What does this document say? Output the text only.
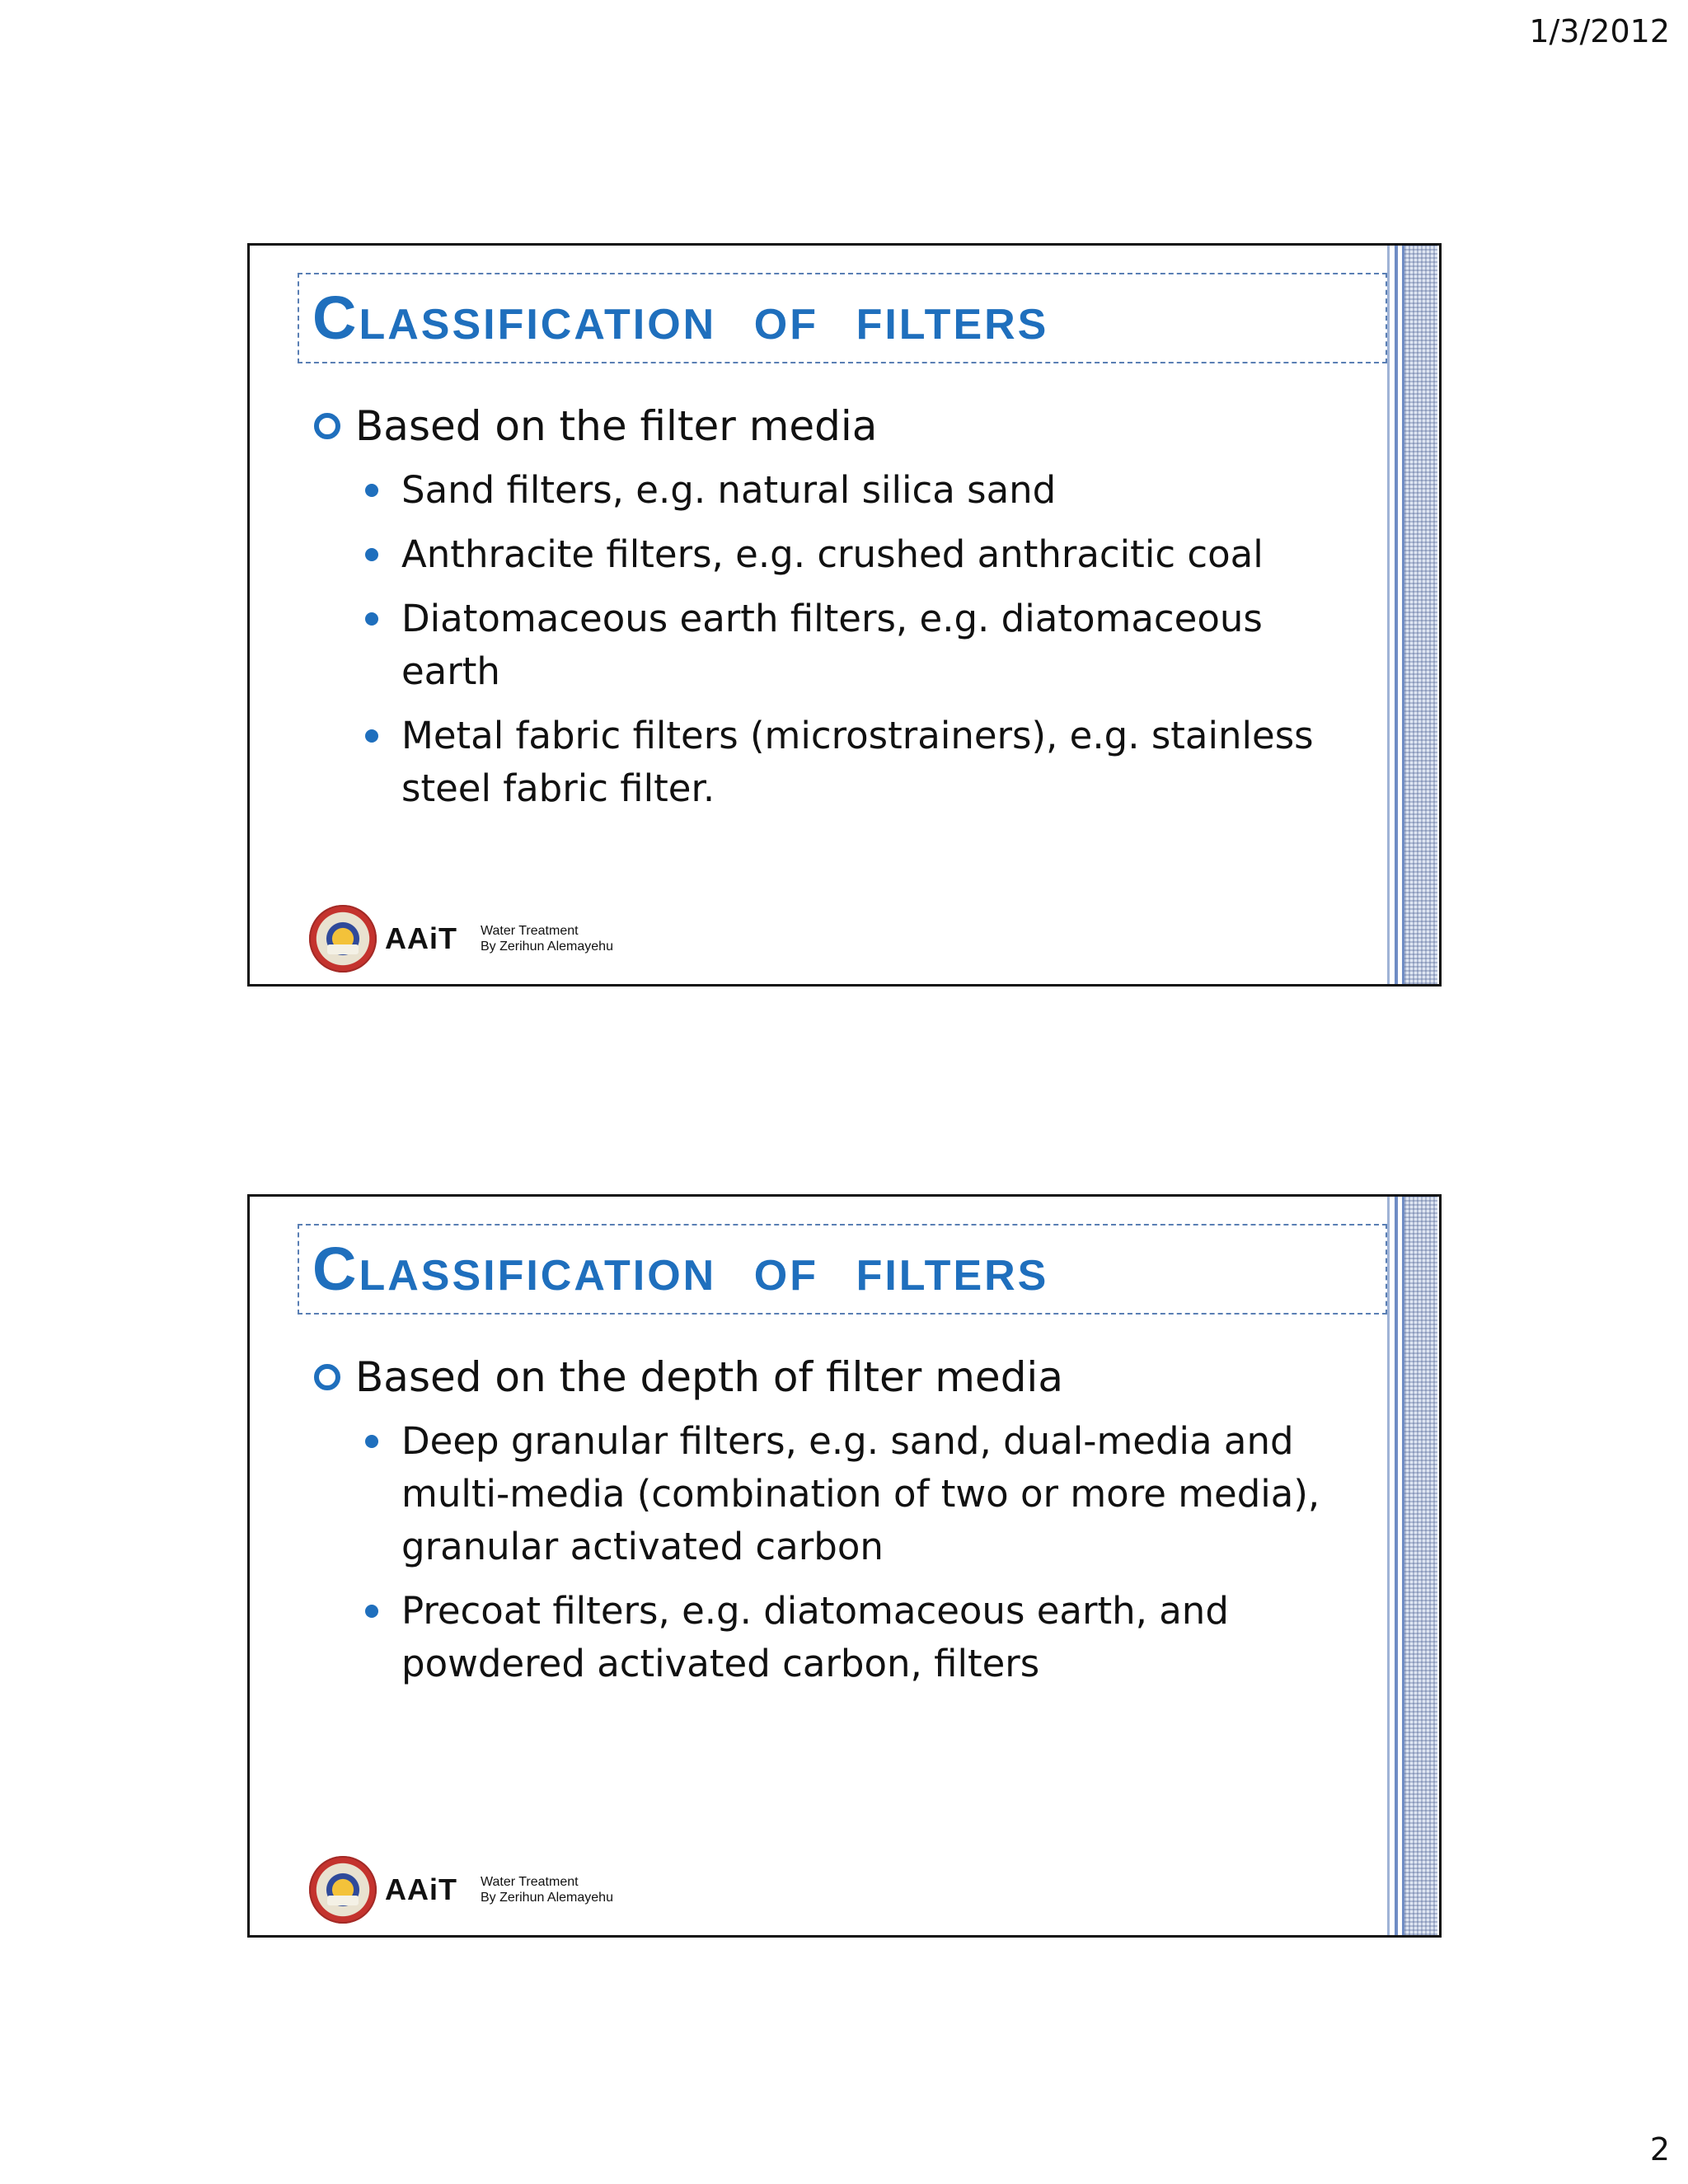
1/3/2012
Classification of filters
Based on the filter media
Sand filters, e.g. natural silica sand
Anthracite filters, e.g. crushed anthracitic coal
Diatomaceous earth filters, e.g. diatomaceous earth
Metal fabric filters (microstrainers), e.g. stainless steel fabric filter.
AAiT Water Treatment
By Zerihun Alemayehu
Classification of filters
Based on the depth of filter media
Deep granular filters, e.g. sand, dual-media and multi-media (combination of two or more media), granular activated carbon
Precoat filters, e.g. diatomaceous earth, and powdered activated carbon, filters
AAiT Water Treatment
By Zerihun Alemayehu
2
